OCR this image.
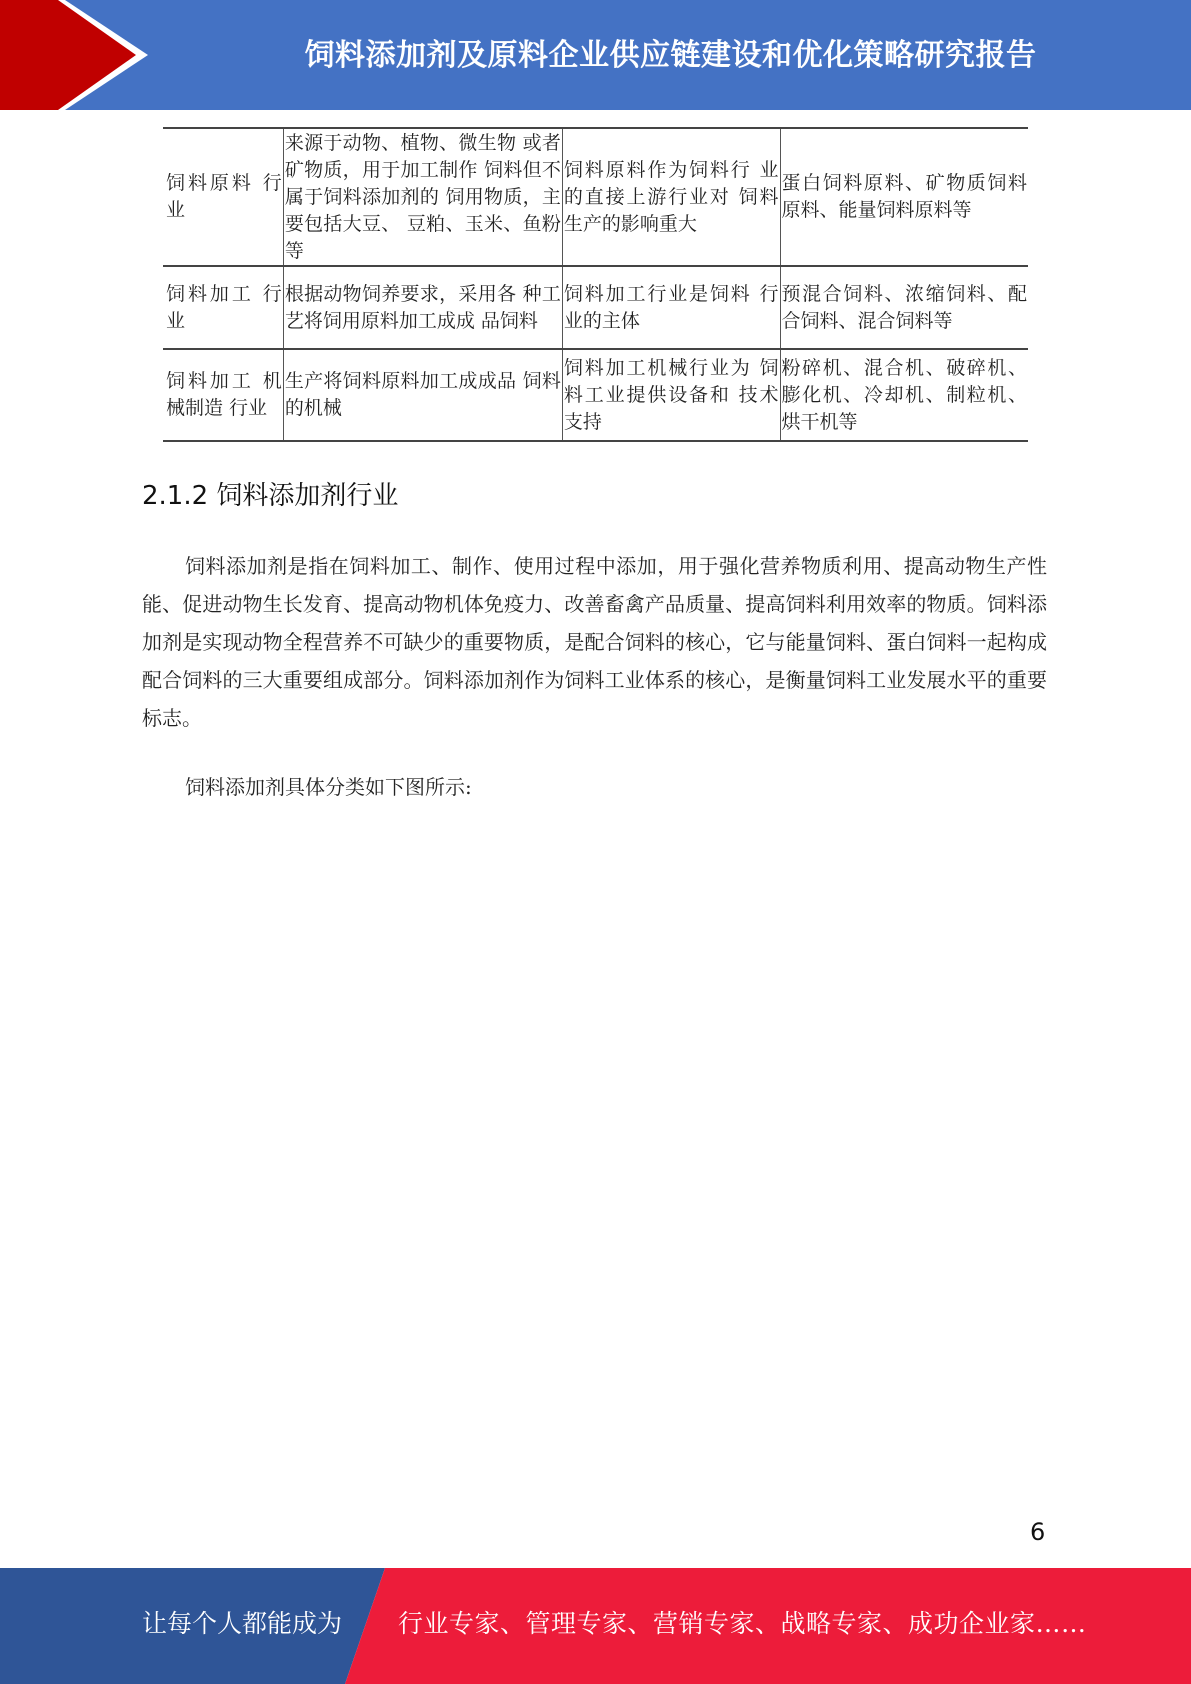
饲料添加剂及原料企业供应链建设和优化策略研究报告
饲料原料 行业	来源于动物、植物、微生物 或者矿物质，用于加工制作 饲料但不属于饲料添加剂的 饲用物质，主要包括大豆、 豆粕、玉米、鱼粉等	饲料原料作为饲料行 业的直接上游行业对 饲料生产的影响重大	蛋白饲料原料、矿物质饲料原料、能量饲料原料等
饲料加工 行业	根据动物饲养要求，采用各 种工艺将饲用原料加工成成 品饲料	饲料加工行业是饲料 行业的主体	预混合饲料、浓缩饲料、配合饲料、混合饲料等
饲料加工 机械制造 行业	生产将饲料原料加工成成品 饲料的机械	饲料加工机械行业为 饲料工业提供设备和 技术支持	粉碎机、混合机、破碎机、膨化机、冷却机、制粒机、烘干机等
2.1.2 饲料添加剂行业

饲料添加剂是指在饲料加工、制作、使用过程中添加，用于强化营养物质利用、提高动物生产性能、促进动物生长发育、提高动物机体免疫力、改善畜禽产品质量、提高饲料利用效率的物质。饲料添加剂是实现动物全程营养不可缺少的重要物质，是配合饲料的核心，它与能量饲料、蛋白饲料一起构成配合饲料的三大重要组成部分。饲料添加剂作为饲料工业体系的核心，是衡量饲料工业发展水平的重要标志。

饲料添加剂具体分类如下图所示:

6
让每个人都能成为 行业专家、管理专家、营销专家、战略专家、成功企业家……
